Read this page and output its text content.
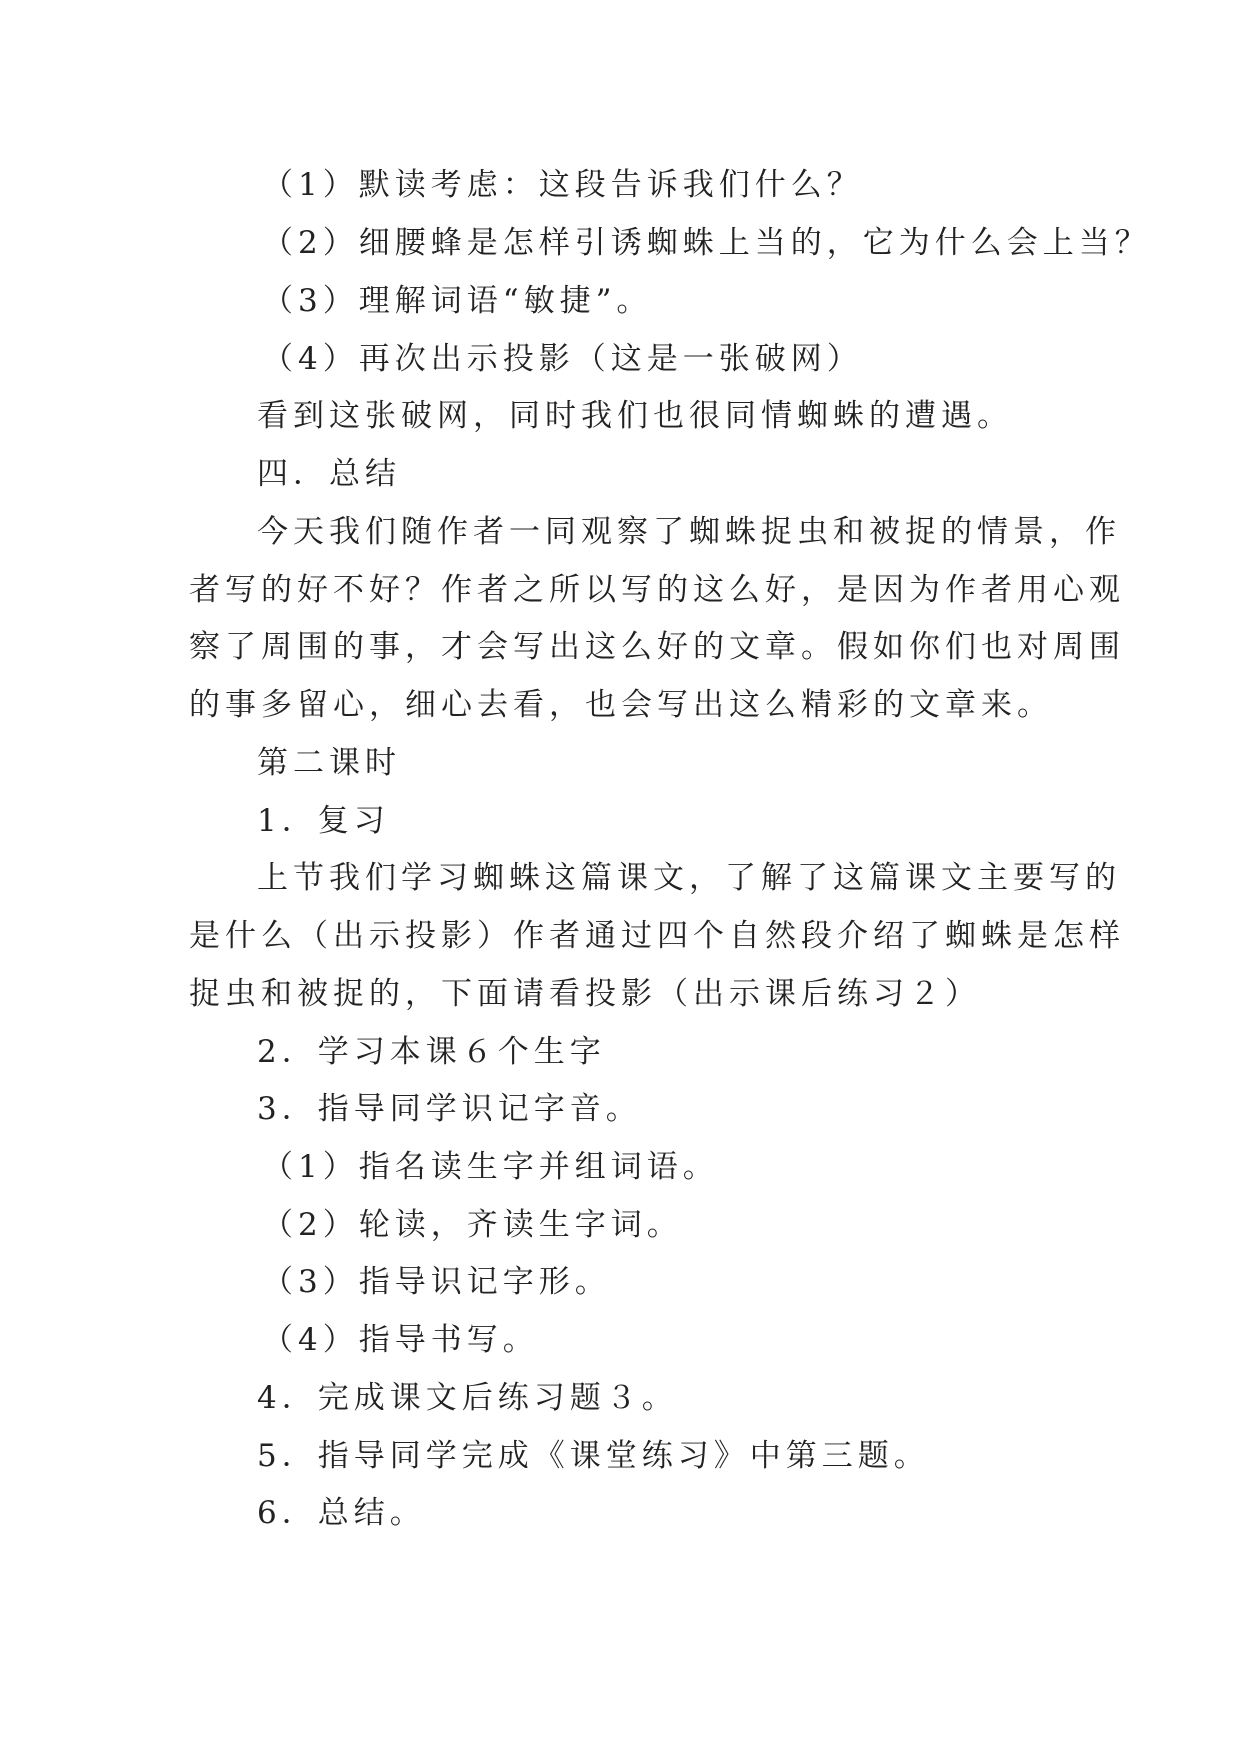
（1）默读考虑：这段告诉我们什么？
（2）细腰蜂是怎样引诱蜘蛛上当的，它为什么会上当？
（3）理解词语“敏捷”。
（4）再次出示投影（这是一张破网）
看到这张破网，同时我们也很同情蜘蛛的遭遇。
四．总结
今天我们随作者一同观察了蜘蛛捉虫和被捉的情景，作
者写的好不好？作者之所以写的这么好，是因为作者用心观
察了周围的事，才会写出这么好的文章。假如你们也对周围
的事多留心，细心去看，也会写出这么精彩的文章来。
第二课时
1．复习
上节我们学习蜘蛛这篇课文，了解了这篇课文主要写的
是什么（出示投影）作者通过四个自然段介绍了蜘蛛是怎样
捉虫和被捉的，下面请看投影（出示课后练习２）
2．学习本课６个生字
3．指导同学识记字音。
（1）指名读生字并组词语。
（2）轮读，齐读生字词。
（3）指导识记字形。
（4）指导书写。
4．完成课文后练习题３。
5．指导同学完成《课堂练习》中第三题。
6．总结。
